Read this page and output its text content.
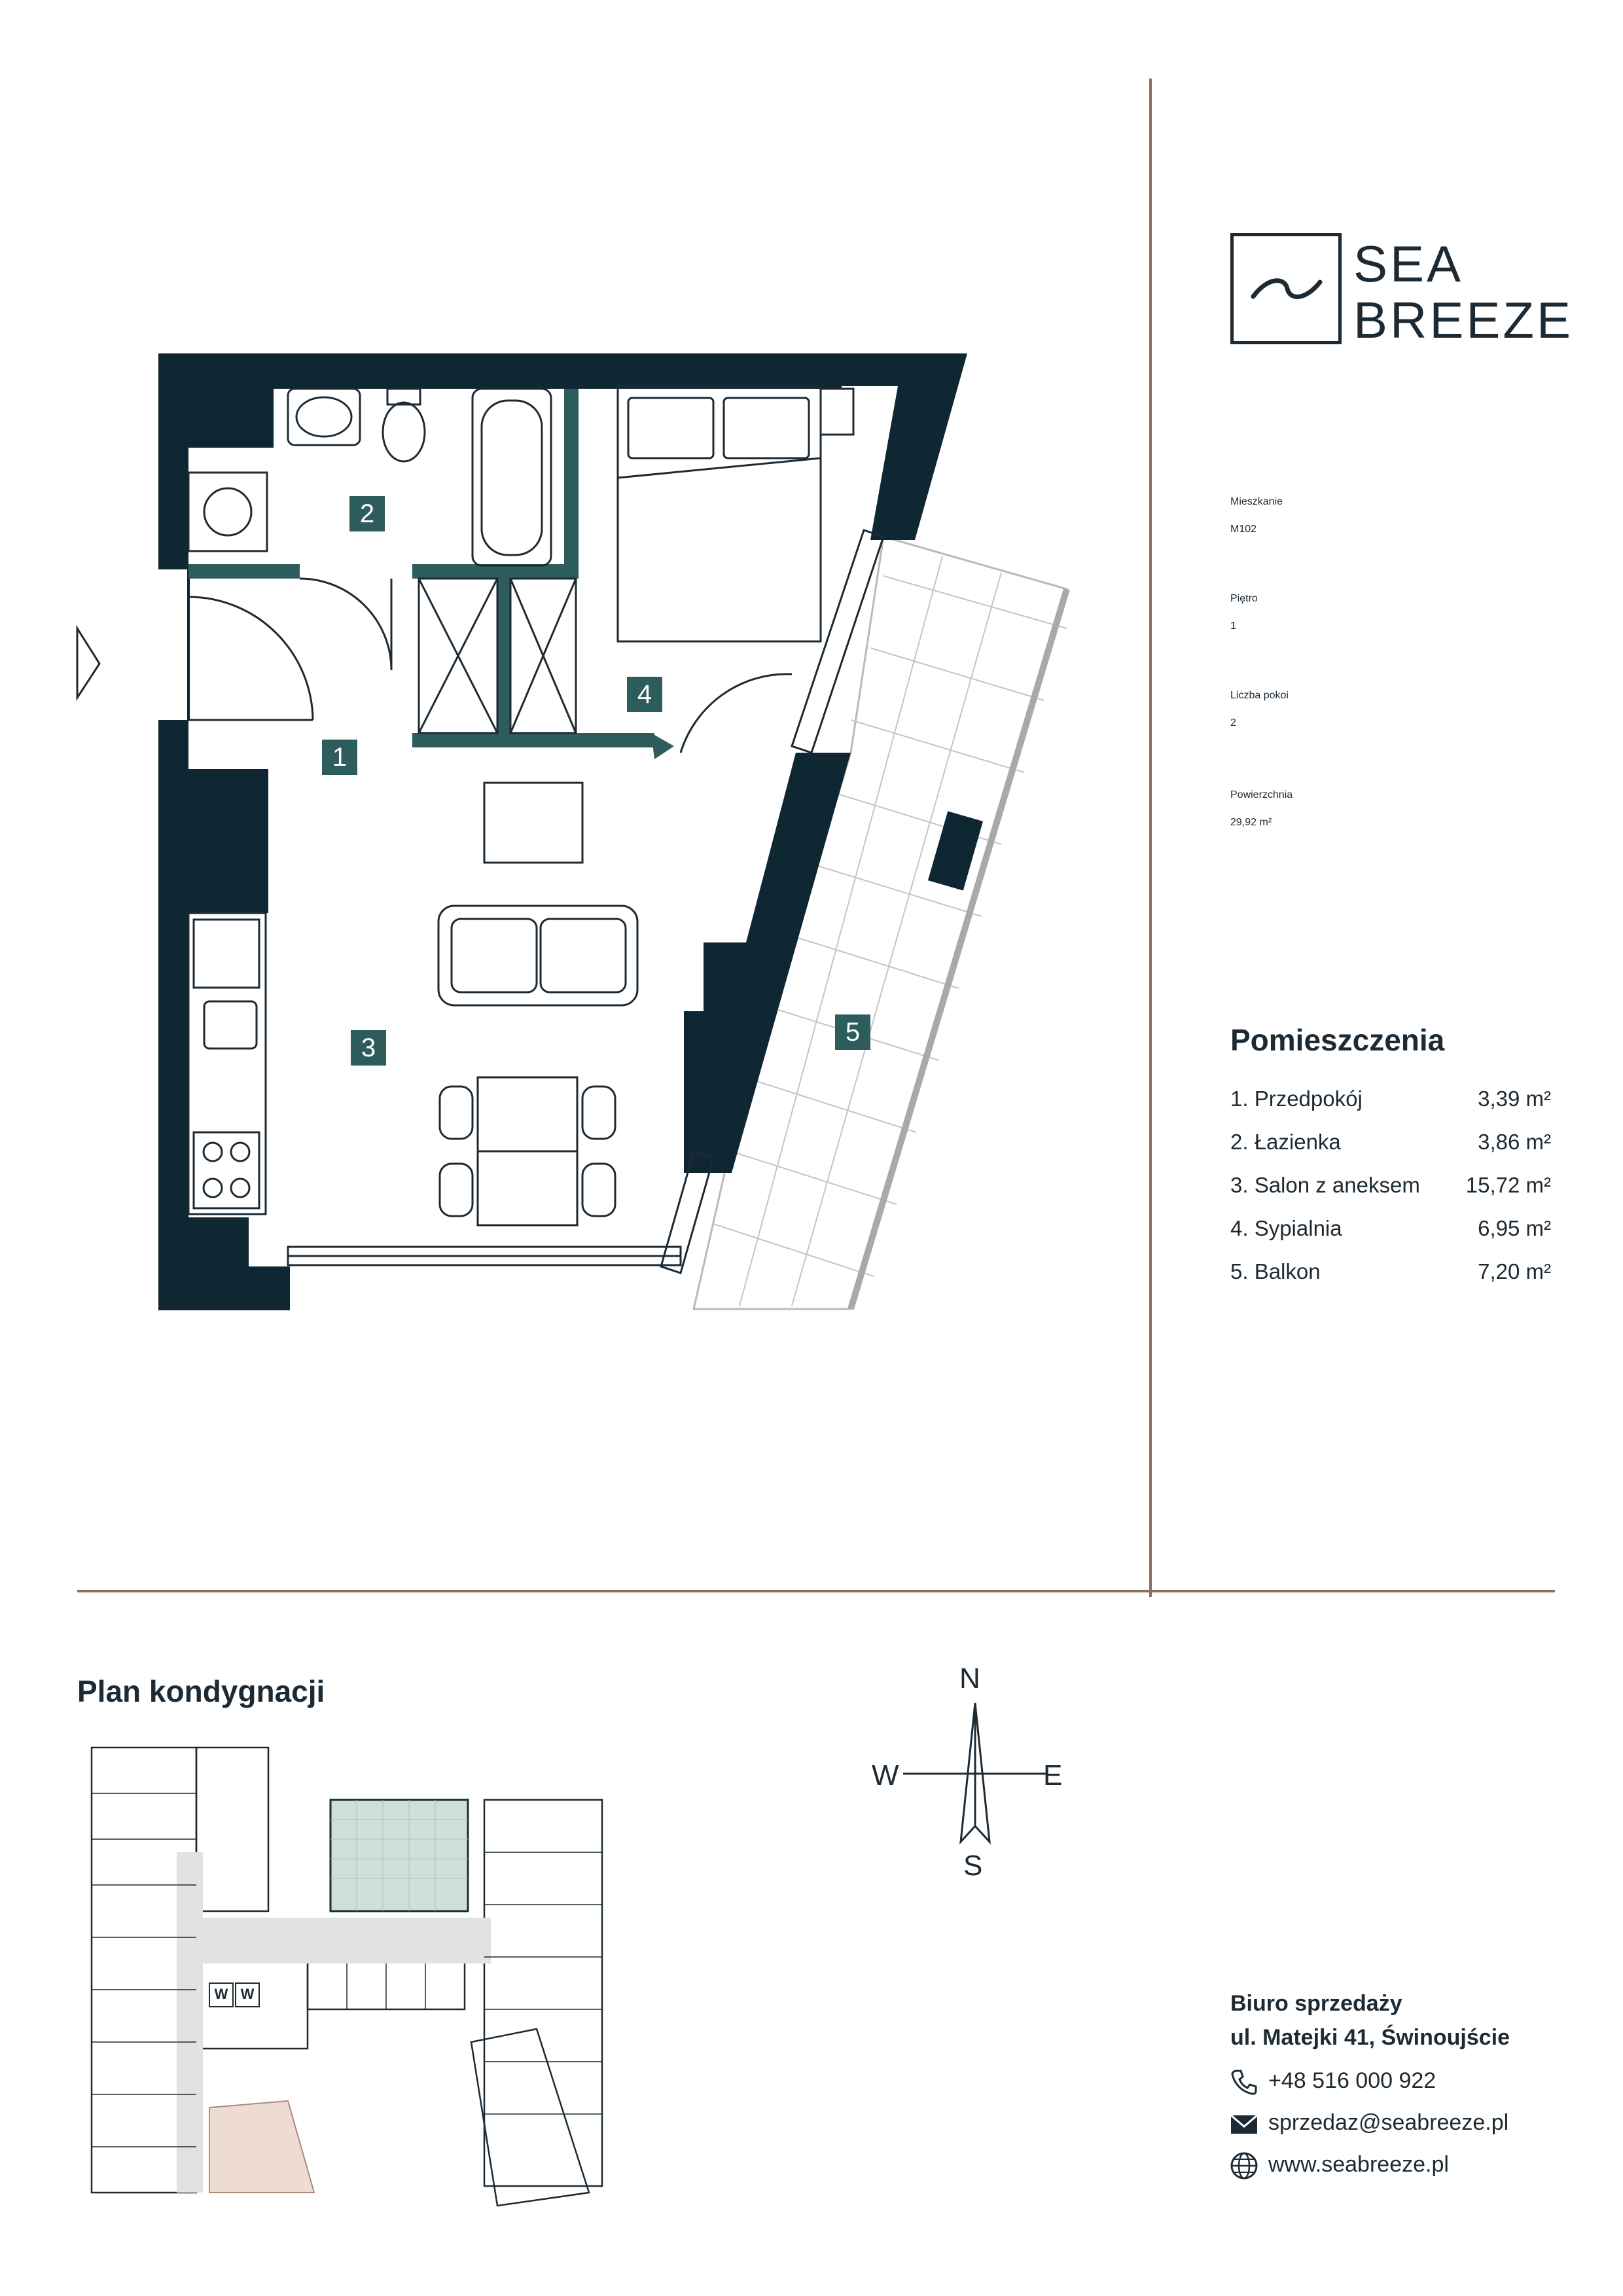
SEA
BREEZE
Mieszkanie
M102
Piętro
1
Liczba pokoi
2
Powierzchnia
29,92 m²
Pomieszczenia
1. Przedpokój	3,39 m²
2. Łazienka	3,86 m²
3. Salon z aneksem 15,72 m²
4. Sypialnia	6,95 m²
5. Balkon	7,20 m²
1
2
3
4
5
Plan kondygnacji
W W
N
E
S
W
Biuro sprzedaży
ul. Matejki 41, Świnoujście
+48 516 000 922
sprzedaz@seabreeze.pl
www.seabreeze.pl
